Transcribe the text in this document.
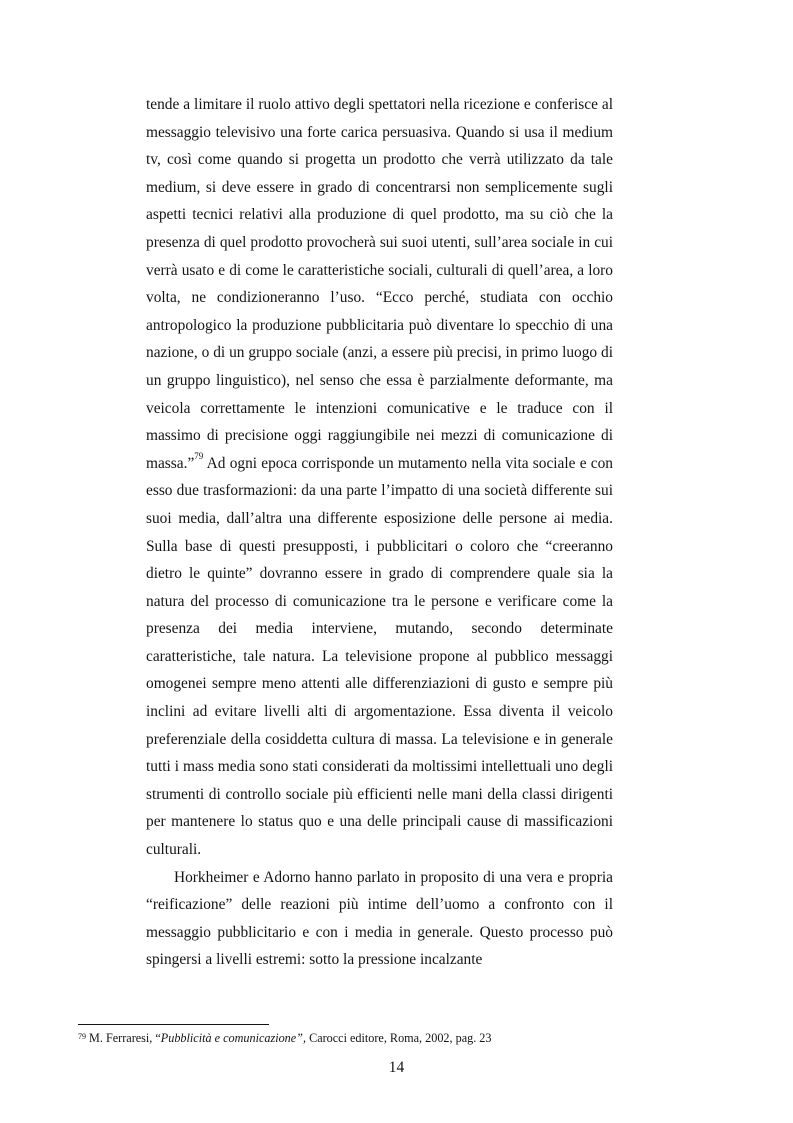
tende a limitare il ruolo attivo degli spettatori nella ricezione e conferisce al messaggio televisivo una forte carica persuasiva. Quando si usa il medium tv, così come quando si progetta un prodotto che verrà utilizzato da tale medium, si deve essere in grado di concentrarsi non semplicemente sugli aspetti tecnici relativi alla produzione di quel prodotto, ma su ciò che la presenza di quel prodotto provocherà sui suoi utenti, sull’area sociale in cui verrà usato e di come le caratteristiche sociali, culturali di quell’area, a loro volta, ne condizioneranno l’uso. “Ecco perché, studiata con occhio antropologico la produzione pubblicitaria può diventare lo specchio di una nazione, o di un gruppo sociale (anzi, a essere più precisi, in primo luogo di un gruppo linguistico), nel senso che essa è parzialmente deformante, ma veicola correttamente le intenzioni comunicative e le traduce con il massimo di precisione oggi raggiungibile nei mezzi di comunicazione di massa.”$^{79}$ Ad ogni epoca corrisponde un mutamento nella vita sociale e con esso due trasformazioni: da una parte l’impatto di una società differente sui suoi media, dall’altra una differente esposizione delle persone ai media. Sulla base di questi presupposti, i pubblicitari o coloro che “creeranno dietro le quinte” dovranno essere in grado di comprendere quale sia la natura del processo di comunicazione tra le persone e verificare come la presenza dei media interviene, mutando, secondo determinate caratteristiche, tale natura. La televisione propone al pubblico messaggi omogenei sempre meno attenti alle differenziazioni di gusto e sempre più inclini ad evitare livelli alti di argomentazione. Essa diventa il veicolo preferenziale della cosiddetta cultura di massa. La televisione e in generale tutti i mass media sono stati considerati da moltissimi intellettuali uno degli strumenti di controllo sociale più efficienti nelle mani della classi dirigenti per mantenere lo status quo e una delle principali cause di massificazioni culturali.

Horkheimer e Adorno hanno parlato in proposito di una vera e propria “reificazione” delle reazioni più intime dell’uomo a confronto con il messaggio pubblicitario e con i media in generale. Questo processo può spingersi a livelli estremi: sotto la pressione incalzante

$^{79}$ M. Ferraresi, “Pubblicità e comunicazione”, Carocci editore, Roma, 2002, pag. 23
14
